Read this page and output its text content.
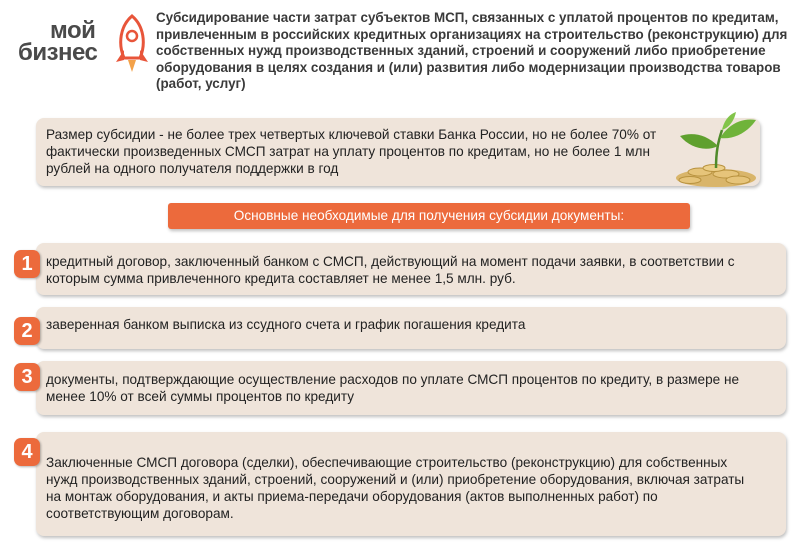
мой
бизнес
Субсидирование части затрат субъектов МСП, связанных с уплатой процентов по кредитам, привлеченным в российских кредитных организациях на строительство (реконструкцию) для собственных нужд производственных зданий, строений и сооружений либо приобретение оборудования в целях создания и (или) развития либо модернизации производства товаров (работ, услуг)
Размер субсидии - не более трех четвертых ключевой ставки Банка России, но не более 70% от фактически произведенных СМСП затрат на уплату процентов по кредитам, но не более 1 млн рублей на одного получателя поддержки в год
Основные необходимые для получения субсидии документы:
кредитный договор, заключенный банком с СМСП, действующий на момент подачи заявки, в соответствии с которым сумма привлеченного кредита составляет не менее 1,5 млн. руб.
1
заверенная банком выписка из ссудного счета и график погашения кредита
2
документы, подтверждающие осуществление расходов по уплате СМСП процентов по кредиту, в размере не менее 10% от всей суммы процентов по кредиту
3
Заключенные СМСП договора (сделки), обеспечивающие строительство (реконструкцию) для собственных нужд производственных зданий, строений, сооружений и (или) приобретение оборудования, включая затраты на монтаж оборудования, и акты приема-передачи оборудования (актов выполненных работ) по соответствующим договорам.
4
